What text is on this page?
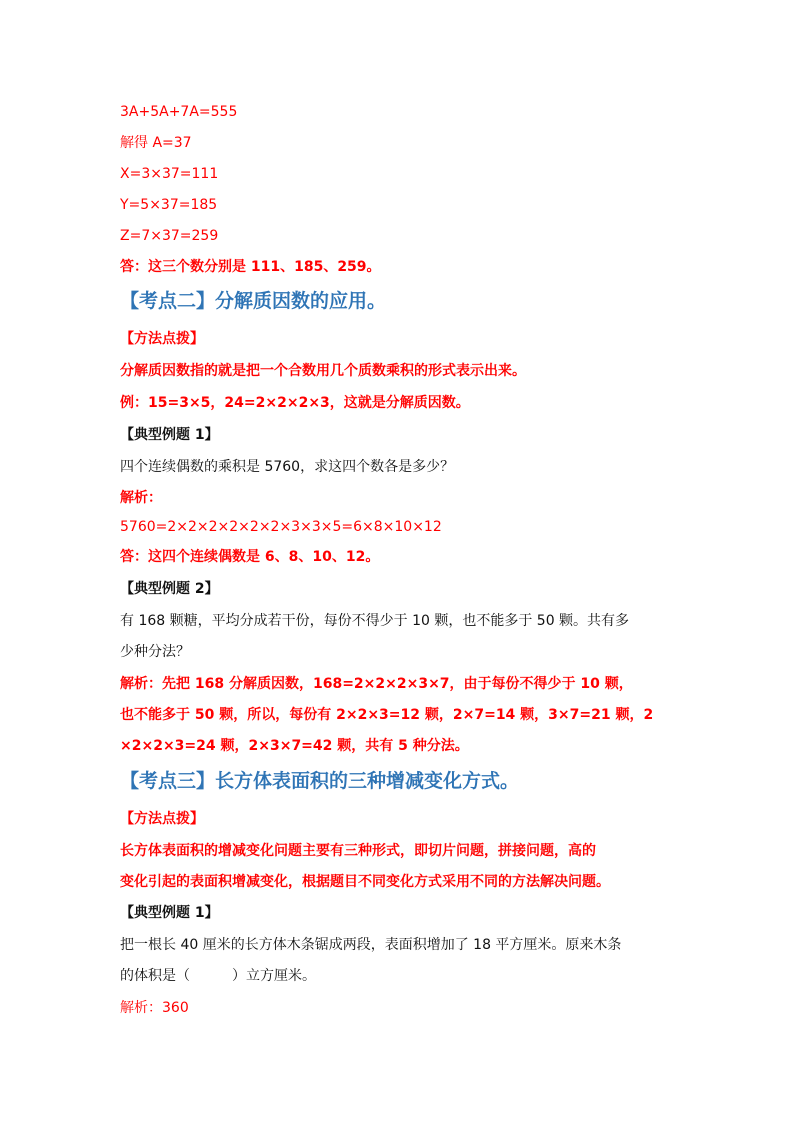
3A+5A+7A=555
解得 A=37
X=3×37=111
Y=5×37=185
Z=7×37=259
答：这三个数分别是 111、185、259。
【考点二】分解质因数的应用。
【方法点拨】
分解质因数指的就是把一个合数用几个质数乘积的形式表示出来。
例：15=3×5，24=2×2×2×3，这就是分解质因数。
【典型例题 1】
四个连续偶数的乘积是 5760，求这四个数各是多少？
解析：
5760=2×2×2×2×2×2×3×3×5=6×8×10×12
答：这四个连续偶数是 6、8、10、12。
【典型例题 2】
有 168 颗糖，平均分成若干份，每份不得少于 10 颗，也不能多于 50 颗。共有多
少种分法？
解析：先把 168 分解质因数，168=2×2×2×3×7，由于每份不得少于 10 颗，
也不能多于 50 颗，所以，每份有 2×2×3=12 颗，2×7=14 颗，3×7=21 颗，2
×2×2×3=24 颗，2×3×7=42 颗，共有 5 种分法。
【考点三】长方体表面积的三种增减变化方式。
【方法点拨】
长方体表面积的增减变化问题主要有三种形式，即切片问题，拼接问题，高的
变化引起的表面积增减变化，根据题目不同变化方式采用不同的方法解决问题。
【典型例题 1】
把一根长 40 厘米的长方体木条锯成两段，表面积增加了 18 平方厘米。原来木条
的体积是（　　　）立方厘米。
解析：360
